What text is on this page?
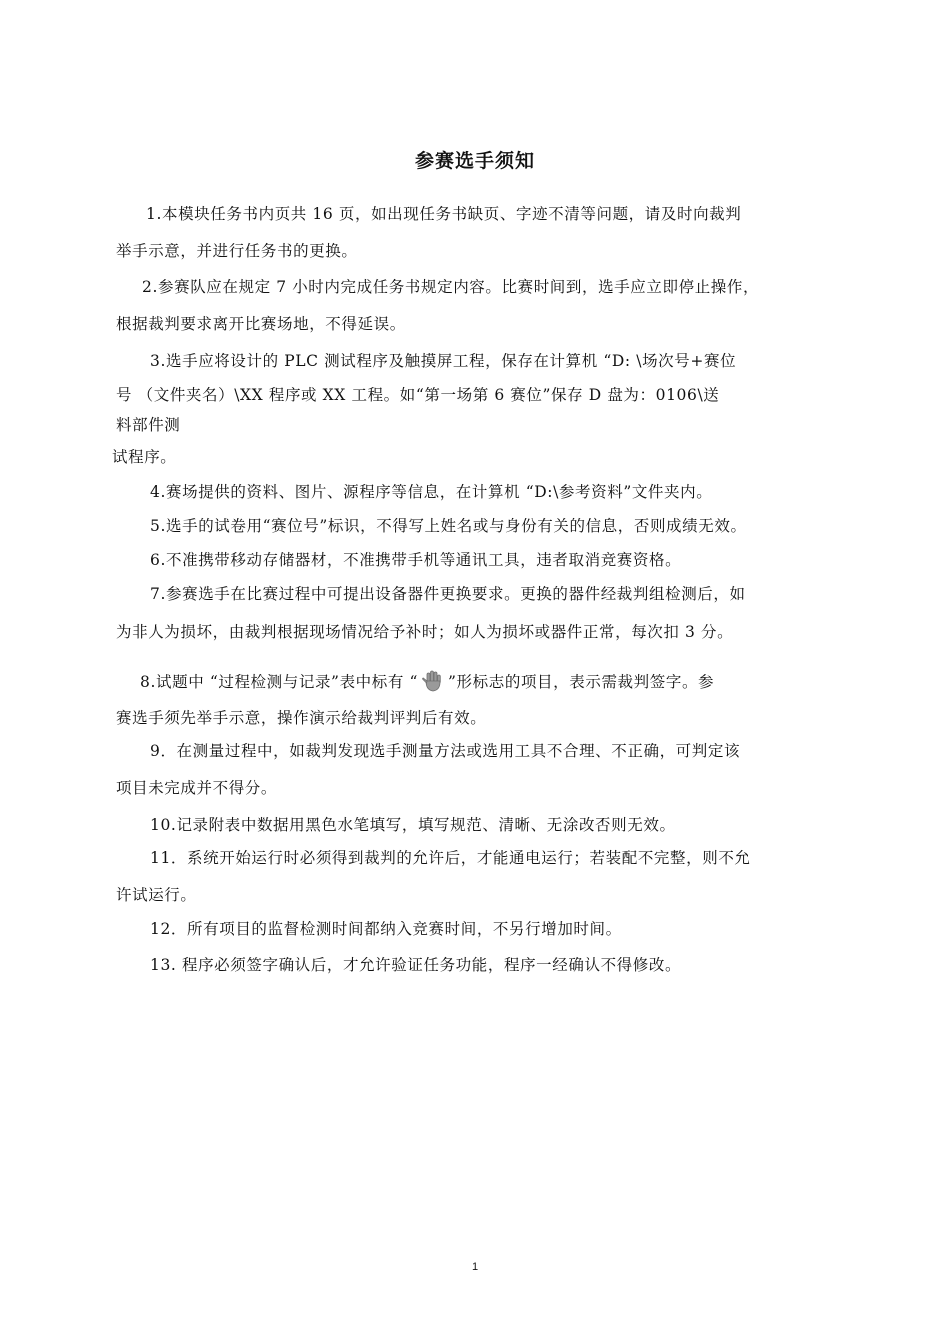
参赛选手须知
1.本模块任务书内页共 16 页，如出现任务书缺页、字迹不清等问题，请及时向裁判
举手示意，并进行任务书的更换。
2.参赛队应在规定 7 小时内完成任务书规定内容。比赛时间到，选手应立即停止操作，
根据裁判要求离开比赛场地，不得延误。
3.选手应将设计的 PLC 测试程序及触摸屏工程，保存在计算机 “D: \场次号+赛位
号 （文件夹名）\XX 程序或 XX 工程。如“第一场第 6 赛位”保存 D 盘为：0106\送
料部件测
试程序。
4.赛场提供的资料、图片、源程序等信息，在计算机 “D:\参考资料”文件夹内。
5.选手的试卷用“赛位号”标识，不得写上姓名或与身份有关的信息，否则成绩无效。
6.不准携带移动存储器材，不准携带手机等通讯工具，违者取消竞赛资格。
7.参赛选手在比赛过程中可提出设备器件更换要求。更换的器件经裁判组检测后，如
为非人为损坏，由裁判根据现场情况给予补时；如人为损坏或器件正常，每次扣 3 分。
8.试题中 “过程检测与记录”表中标有 “ ”形标志的项目，表示需裁判签字。参
赛选手须先举手示意，操作演示给裁判评判后有效。
9．在测量过程中，如裁判发现选手测量方法或选用工具不合理、不正确，可判定该
项目未完成并不得分。
10.记录附表中数据用黑色水笔填写，填写规范、清晰、无涂改否则无效。
11．系统开始运行时必须得到裁判的允许后，才能通电运行；若装配不完整，则不允
许试运行。
12．所有项目的监督检测时间都纳入竞赛时间，不另行增加时间。
13. 程序必须签字确认后，才允许验证任务功能，程序一经确认不得修改。
1
